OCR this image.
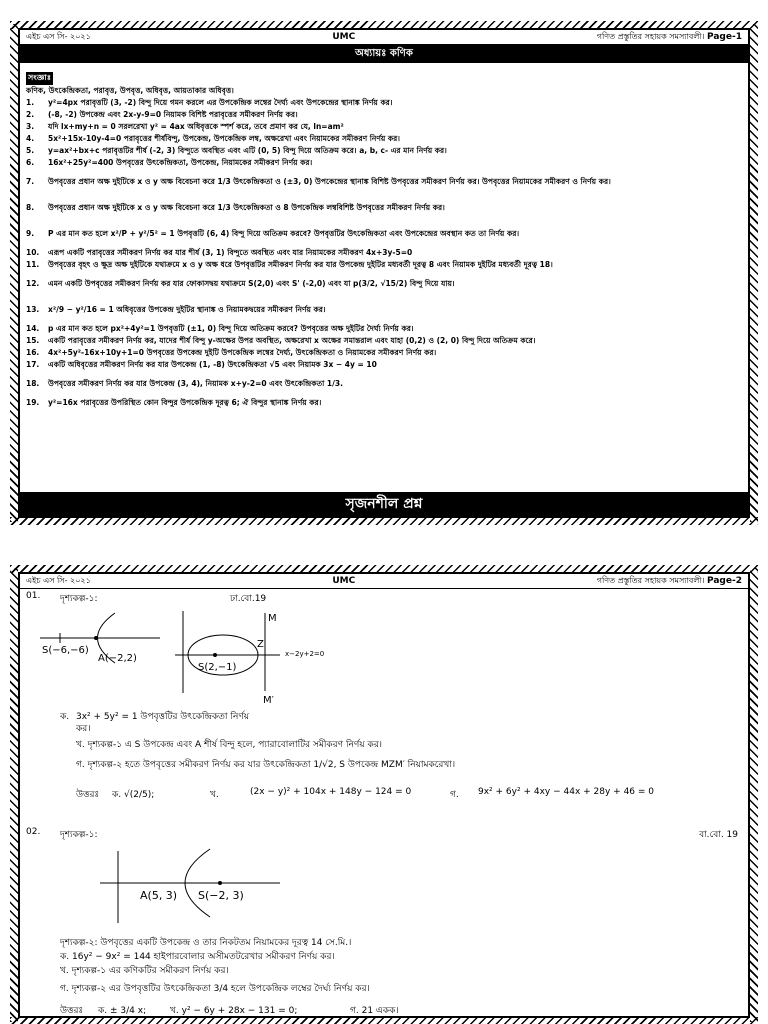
এইচ এস সি- ২০২১	UMC	গণিত প্রস্তুতির সহায়ক সমস্যাবলী। Page-1
অধ্যায়ঃ কণিক
সংজ্ঞাঃ
কণিক, উৎকেন্দ্রিকতা, পরাবৃত্ত, উপবৃত্ত, অধিবৃত্ত, আয়তাকার অধিবৃত্ত।
1.	y²=4px পরাবৃত্তটি (3, -2) বিন্দু দিয়ে গমন করলে এর উপকেন্দ্রিক লম্বের দৈর্ঘ্য এবং উপকেন্দ্রের স্থানাঙ্ক নির্ণয় কর।
2.	(-8, -2) উপকেন্দ্র এবং 2x-y-9=0 নিয়ামক বিশিষ্ট পরাবৃত্তের সমীকরণ নির্ণয় কর।
3.	যদি lx+my+n = 0 সরলরেখা y² = 4ax অধিবৃত্তকে স্পর্শ করে, তবে প্রমাণ কর যে, ln=am²
4.	5x²+15x-10y-4=0 পরাবৃত্তের শীর্ষবিন্দু, উপকেন্দ্র, উপকেন্দ্রিক লম্ব, অক্ষরেখা এবং নিয়ামকের সমীকরণ নির্ণয় কর।
5.	y=ax²+bx+c পরাবৃত্তটির শীর্ষ (-2, 3) বিন্দুতে অবস্থিত এবং এটি (0, 5) বিন্দু দিয়ে অতিক্রম করে। a, b, c- এর মান নির্ণয় কর।
6.	16x²+25y²=400 উপবৃত্তের উৎকেন্দ্রিকতা, উপকেন্দ্র, নিয়ামকের সমীকরণ নির্ণয় কর।
7.	উপবৃত্তের প্রধান অক্ষ দুইটিকে x ও y অক্ষ বিবেচনা করে 1/3 উৎকেন্দ্রিকতা ও (±3, 0) উপকেন্দ্রের স্থানাঙ্ক বিশিষ্ট উপবৃত্তের সমীকরণ নির্ণয় কর। উপবৃত্তের নিয়ামকের সমীকরণ ও নির্ণয় কর।
8.	উপবৃত্তের প্রধান অক্ষ দুইটিকে x ও y অক্ষ বিবেচনা করে 1/3 উৎকেন্দ্রিকতা ও 8 উপকেন্দ্রিক লম্ববিশিষ্ট উপবৃত্তের সমীকরণ নির্ণয় কর।
9.	P এর মান কত হলে x²/P + y²/5² = 1 উপবৃত্তটি (6, 4) বিন্দু দিয়ে অতিক্রম করবে? উপবৃত্তটির উৎকেন্দ্রিকতা এবং উপকেন্দ্রের অবস্থান কত তা নির্ণয় কর।
10.	এরূপ একটি পরাবৃত্তের সমীকরণ নির্ণয় কর যার শীর্ষ (3, 1) বিন্দুতে অবস্থিত এবং যার নিয়ামকের সমীকরণ 4x+3y-5=0
11.	উপবৃত্তের বৃহৎ ও ক্ষুদ্র অক্ষ দুইটিকে যথাক্রমে x ও y অক্ষ ধরে উপবৃত্তটির সমীকরণ নির্ণয় কর যার উপকেন্দ্র দুইটির মধ্যবর্তী দূরত্ব 8 এবং নিয়ামক দুইটির মধ্যবর্তী দূরত্ব 18।
12.	এমন একটি উপবৃত্তের সমীকরণ নির্ণয় কর যার ফোকাসদ্বয় যথাক্রমে S(2,0) এবং S' (-2,0) এবং যা p(3/2, √15/2) বিন্দু দিয়ে যায়।
13.	x²/9 − y²/16 = 1 অধিবৃত্তের উপকেন্দ্র দুইটির স্থানাঙ্ক ও নিয়ামকদ্বয়ের সমীকরণ নির্ণয় কর।
14.	p এর মান কত হলে px²+4y²=1 উপবৃত্তটি (±1, 0) বিন্দু দিয়ে অতিক্রম করবে? উপবৃত্তের অক্ষ দুইটির দৈর্ঘ্য নির্ণয় কর।
15.	একটি পরাবৃত্তের সমীকরণ নির্ণয় কর, যাদের শীর্ষ বিন্দু y-অক্ষের উপর অবস্থিত, অক্ষরেখা x অক্ষের সমান্তরাল এবং যাহা (0,2) ও (2, 0) বিন্দু দিয়ে অতিক্রম করে।
16.	4x²+5y²-16x+10y+1=0 উপবৃত্তের উপকেন্দ্র দুইটি উপকেন্দ্রিক লম্বের দৈর্ঘ্য, উৎকেন্দ্রিকতা ও নিয়ামকের সমীকরণ নির্ণয় কর।
17.	একটি অধিবৃত্তের সমীকরণ নির্ণয় কর যার উপকেন্দ্র (1, -8) উৎকেন্দ্রিকতা √5 এবং নিয়ামক 3x − 4y = 10
18.	উপবৃত্তের সমীকরণ নির্ণয় কর যার উপকেন্দ্র (3, 4), নিয়ামক x+y-2=0 এবং উৎকেন্দ্রিকতা 1/3.
19.	y²=16x পরাবৃত্তের উপরিস্থিত কোন বিন্দুর উপকেন্দ্রিক দূরত্ব 6; ঐ বিন্দুর স্থানাঙ্ক নির্ণয় কর।
সৃজনশীল প্রশ্ন
এইচ এস সি- ২০২১	UMC	গণিত প্রস্তুতির সহায়ক সমস্যাবলী। Page-2
01. দৃশ্যকল্প-১:	ঢা.বো.19
S(−6,−6)
A(−2,2)
M
Z
S(2,−1)
M′
x−2y+2=0
ক. 3x² + 5y² = 1 উপবৃত্তটির উৎকেন্দ্রিকতা নির্ণয়
কর।
খ. দৃশ্যকল্প-১ এ S উপকেন্দ্র এবং A শীর্ষ বিন্দু হলে, প্যারাবোলাটির সমীকরণ নির্ণয় কর।
গ. দৃশ্যকল্প-২ হতে উপবৃত্তের সমীকরণ নির্ণয় কর যার উৎকেন্দ্রিকতা 1/√2, S উপকেন্দ্র MZM′ নিয়ামকরেখা।
উত্তরঃ ক. √(2/5);	খ.	(2x − y)² + 104x + 148y − 124 = 0	গ. 9x² + 6y² + 4xy − 44x + 28y + 46 = 0
02. দৃশ্যকল্প-১:	বা.বো. 19
A(5, 3) S(−2, 3)
দৃশ্যকল্প-২: উপবৃত্তের একটি উপকেন্দ্র ও তার নিকটতম নিয়ামকের দূরত্ব 14 সে.মি.।
ক. 16y² − 9x² = 144 হাইপারবোলার অসীমতটরেখার সমীকরণ নির্ণয় কর।
খ. দৃশ্যকল্প-১ এর কণিকটির সমীকরণ নির্ণয় কর।
গ. দৃশ্যকল্প-২ এর উপবৃত্তটির উৎকেন্দ্রিকতা 3/4 হলে উপকেন্দ্রিক লম্বের দৈর্ঘ্য নির্ণয় কর।
উত্তরঃ ক. ± 3/4 x;	খ. y² − 6y + 28x − 131 = 0;	গ. 21 একক।
